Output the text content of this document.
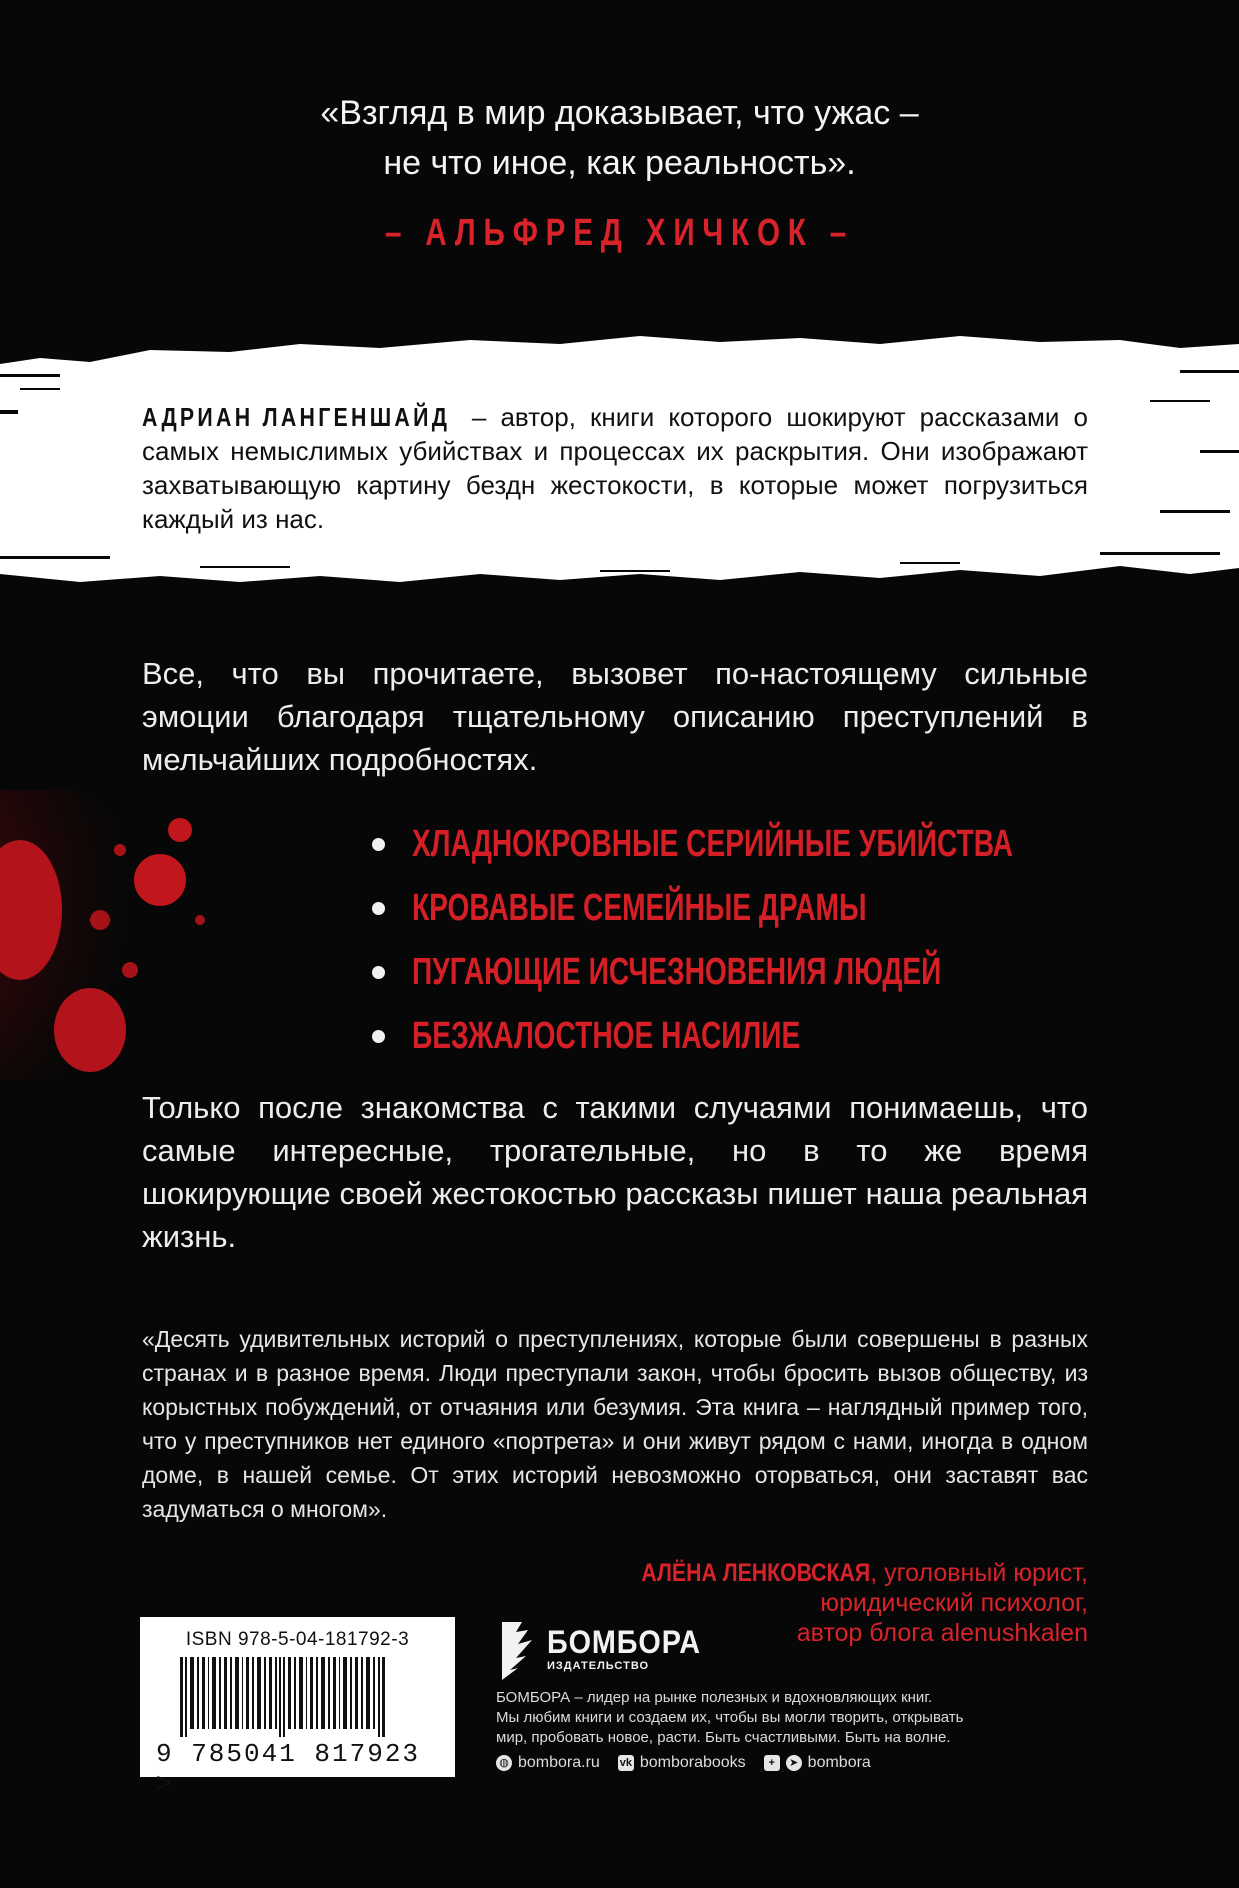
«Взгляд в мир доказывает, что ужас –
не что иное, как реальность».
– АЛЬФРЕД ХИЧКОК –
АДРИАН ЛАНГЕНШАЙД – автор, книги которого шокируют рассказами о самых немыслимых убийствах и процессах их раскрытия. Они изображают захватывающую картину бездн жестокости, в которые может погрузиться каждый из нас.
Все, что вы прочитаете, вызовет по-настоящему сильные эмоции благодаря тщательному описанию преступлений в мельчайших подробностях.
ХЛАДНОКРОВНЫЕ СЕРИЙНЫЕ УБИЙСТВА
КРОВАВЫЕ СЕМЕЙНЫЕ ДРАМЫ
ПУГАЮЩИЕ ИСЧЕЗНОВЕНИЯ ЛЮДЕЙ
БЕЗЖАЛОСТНОЕ НАСИЛИЕ
Только после знакомства с такими случаями понимаешь, что самые интересные, трогательные, но в то же время шокирующие своей жестокостью рассказы пишет наша реальная жизнь.
«Десять удивительных историй о преступлениях, которые были совершены в разных странах и в разное время. Люди преступали закон, чтобы бросить вызов обществу, из корыстных побуждений, от отчаяния или безумия. Эта книга – наглядный пример того, что у преступников нет единого «портрета» и они живут рядом с нами, иногда в одном доме, в нашей семье. От этих историй невозможно оторваться, они заставят вас задуматься о многом».
АЛЁНА ЛЕНКОВСКАЯ, уголовный юрист,
юридический психолог,
автор блога alenushkalen
ISBN 978-5-04-181792-3
9 785041 817923 >
БОМБОРА
ИЗДАТЕЛЬСТВО
БОМБОРА – лидер на рынке полезных и вдохновляющих книг.
Мы любим книги и создаем их, чтобы вы могли творить, открывать
мир, пробовать новое, расти. Быть счастливыми. Быть на волне.
◍ bombora.ru vk bomborabooks	+	➤ bombora
